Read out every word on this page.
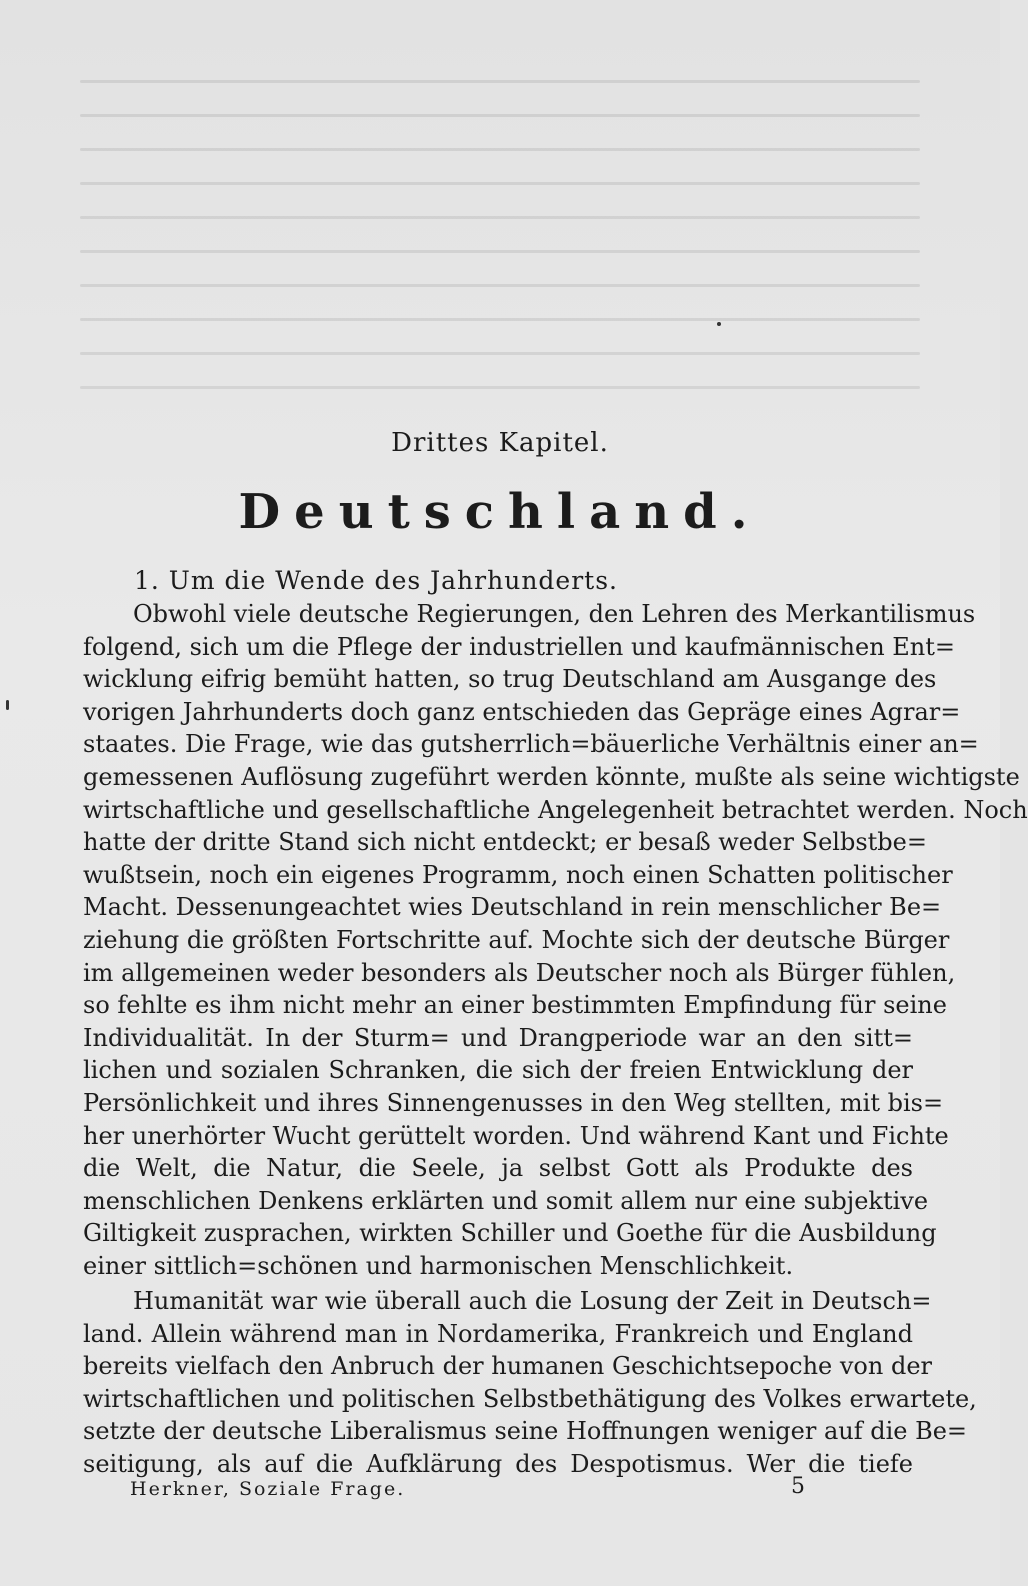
Drittes Kapitel.
Deutschland.
1. Um die Wende des Jahrhunderts.
Obwohl viele deutsche Regierungen, den Lehren des Merkantilismus
folgend, sich um die Pflege der industriellen und kaufmännischen Ent=
wicklung eifrig bemüht hatten, so trug Deutschland am Ausgange des
vorigen Jahrhunderts doch ganz entschieden das Gepräge eines Agrar=
staates. Die Frage, wie das gutsherrlich=bäuerliche Verhältnis einer an=
gemessenen Auflösung zugeführt werden könnte, mußte als seine wichtigste
wirtschaftliche und gesellschaftliche Angelegenheit betrachtet werden. Noch
hatte der dritte Stand sich nicht entdeckt; er besaß weder Selbstbe=
wußtsein, noch ein eigenes Programm, noch einen Schatten politischer
Macht. Dessenungeachtet wies Deutschland in rein menschlicher Be=
ziehung die größten Fortschritte auf. Mochte sich der deutsche Bürger
im allgemeinen weder besonders als Deutscher noch als Bürger fühlen,
so fehlte es ihm nicht mehr an einer bestimmten Empfindung für seine
Individualität. In der Sturm= und Drangperiode war an den sitt=
lichen und sozialen Schranken, die sich der freien Entwicklung der
Persönlichkeit und ihres Sinnengenusses in den Weg stellten, mit bis=
her unerhörter Wucht gerüttelt worden. Und während Kant und Fichte
die Welt, die Natur, die Seele, ja selbst Gott als Produkte des
menschlichen Denkens erklärten und somit allem nur eine subjektive
Giltigkeit zusprachen, wirkten Schiller und Goethe für die Ausbildung
einer sittlich=schönen und harmonischen Menschlichkeit.
Humanität war wie überall auch die Losung der Zeit in Deutsch=
land. Allein während man in Nordamerika, Frankreich und England
bereits vielfach den Anbruch der humanen Geschichtsepoche von der
wirtschaftlichen und politischen Selbstbethätigung des Volkes erwartete,
setzte der deutsche Liberalismus seine Hoffnungen weniger auf die Be=
seitigung, als auf die Aufklärung des Despotismus. Wer die tiefe
Herkner, Soziale Frage.	5
